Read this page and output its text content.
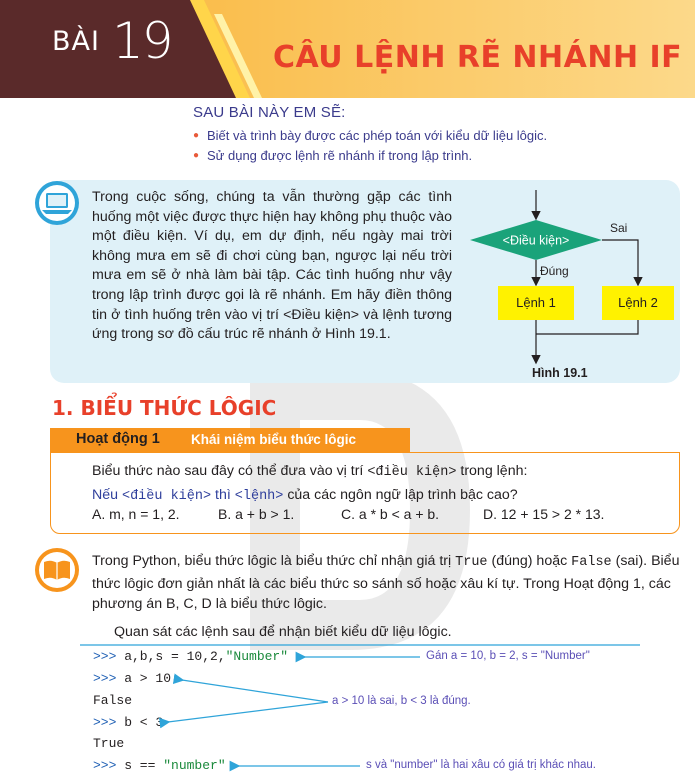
BÀI 19	CÂU LỆNH RẼ NHÁNH IF
SAU BÀI NÀY EM SẼ:
● Biết và trình bày được các phép toán với kiểu dữ liệu lôgic.
● Sử dụng được lệnh rẽ nhánh if trong lập trình.
Trong cuộc sống, chúng ta vẫn thường gặp các tình huống một việc được thực hiện hay không phụ thuộc vào một điều kiện. Ví dụ, em dự định, nếu ngày mai trời không mưa em sẽ đi chơi cùng bạn, ngược lại nếu trời mưa em sẽ ở nhà làm bài tập. Các tình huống như vậy trong lập trình được gọi là rẽ nhánh. Em hãy điền thông tin ở tình huống trên vào vị trí <Điều kiện> và lệnh tương ứng trong sơ đồ cấu trúc rẽ nhánh ở Hình 19.1.
<Điều kiện>
Sai
Đúng
Lệnh 1	Lệnh 2
Hình 19.1
1. BIỂU THỨC LÔGIC
Hoạt động 1 Khái niệm biểu thức lôgic
Biểu thức nào sau đây có thể đưa vào vị trí <điều kiện> trong lệnh:
Nếu <điều kiện> thì <lệnh> của các ngôn ngữ lập trình bậc cao?
A. m, n = 1, 2.	B. a + b > 1.	C. a * b < a + b.	D. 12 + 15 > 2 * 13.
Trong Python, biểu thức lôgic là biểu thức chỉ nhận giá trị True (đúng) hoặc False (sai). Biểu thức lôgic đơn giản nhất là các biểu thức so sánh số hoặc xâu kí tự. Trong Hoạt động 1, các phương án B, C, D là biểu thức lôgic.
Quan sát các lệnh sau để nhận biết kiểu dữ liệu lôgic.
>>> a,b,s = 10,2,"Number"
>>> a > 10
False
>>> b < 3
True
>>> s == "number"
Gán a = 10, b = 2, s = "Number"
a > 10 là sai, b < 3 là đúng.
s và "number" là hai xâu có giá trị khác nhau.
